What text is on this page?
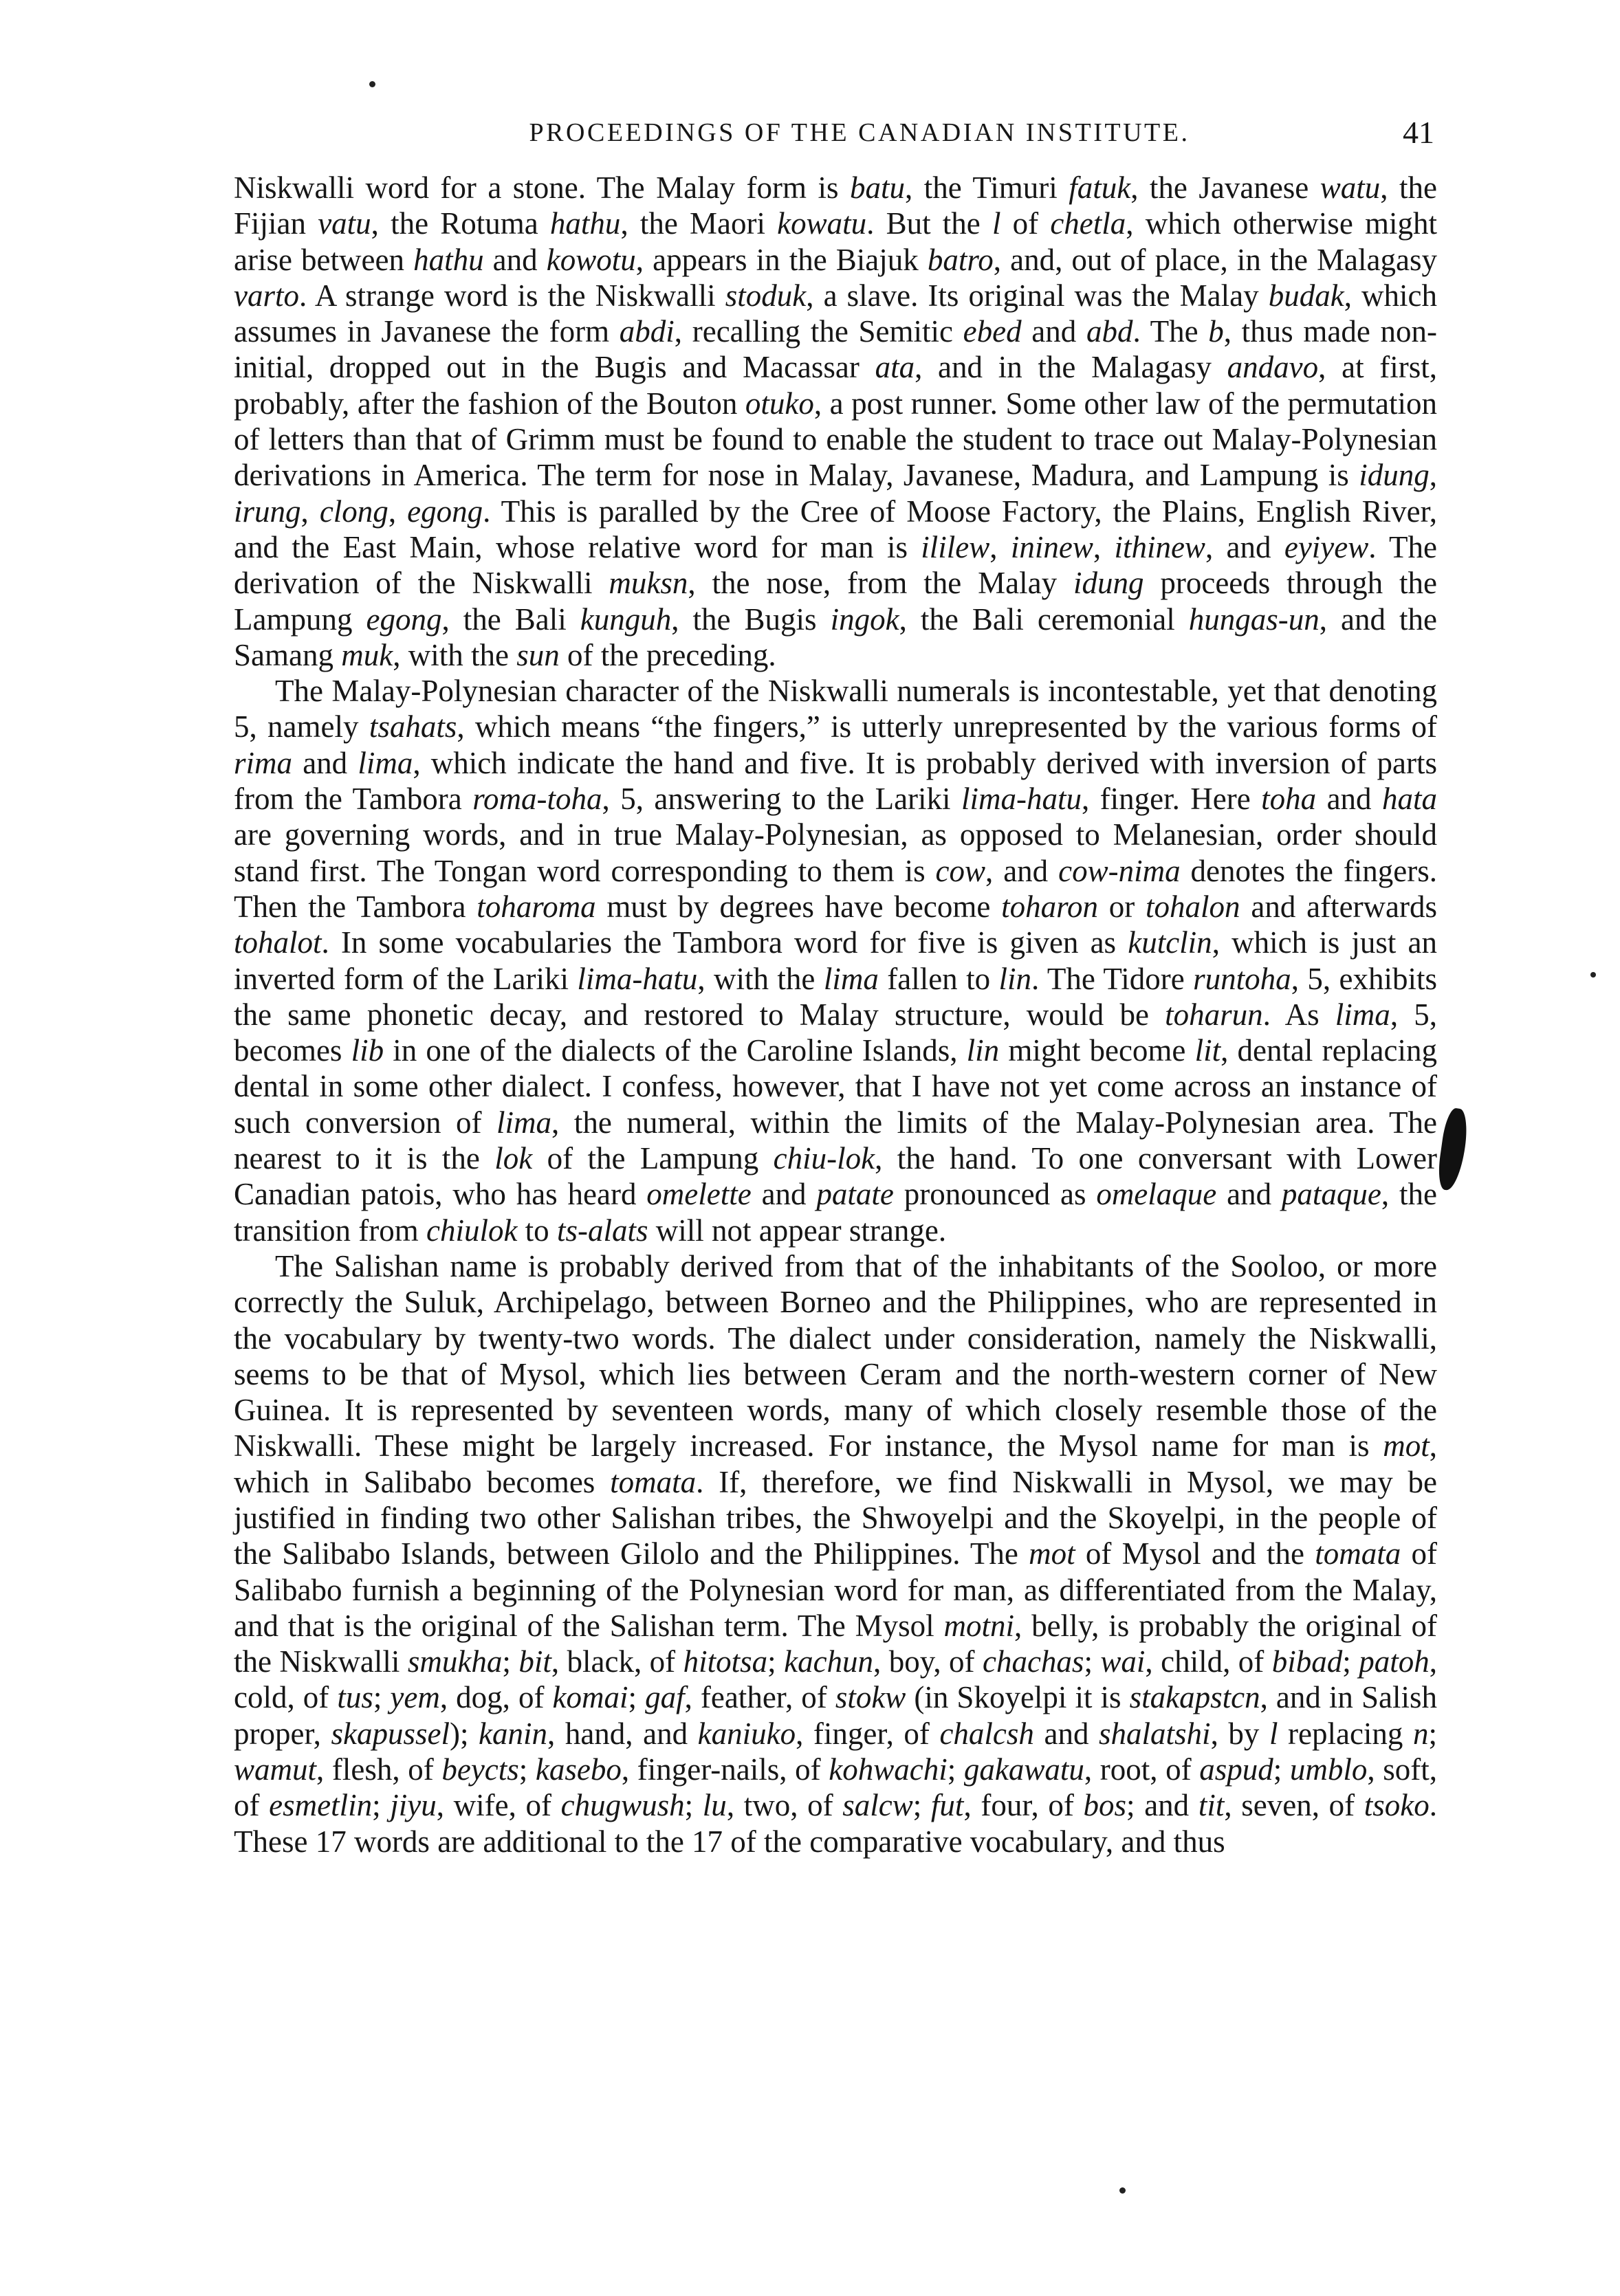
PROCEEDINGS OF THE CANADIAN INSTITUTE.	41

Niskwalli word for a stone. The Malay form is batu, the Timuri fatuk, the Javanese watu, the Fijian vatu, the Rotuma hathu, the Maori kowatu. But the l of chetla, which otherwise might arise between hathu and kowotu, appears in the Biajuk batro, and, out of place, in the Malagasy varto. A strange word is the Niskwalli stoduk, a slave. Its original was the Malay budak, which assumes in Javanese the form abdi, recalling the Semitic ebed and abd. The b, thus made non-initial, dropped out in the Bugis and Macassar ata, and in the Malagasy andavo, at first, probably, after the fashion of the Bouton otuko, a post runner. Some other law of the permutation of letters than that of Grimm must be found to enable the student to trace out Malay-Polynesian derivations in America. The term for nose in Malay, Javanese, Madura, and Lampung is idung, irung, clong, egong. This is paralled by the Cree of Moose Factory, the Plains, English River, and the East Main, whose relative word for man is ililew, ininew, ithinew, and eyiyew. The derivation of the Niskwalli muksn, the nose, from the Malay idung proceeds through the Lampung egong, the Bali kunguh, the Bugis ingok, the Bali ceremonial hungas-un, and the Samang muk, with the sun of the preceding.

The Malay-Polynesian character of the Niskwalli numerals is incontestable, yet that denoting 5, namely tsahats, which means “the fingers,” is utterly unrepresented by the various forms of rima and lima, which indicate the hand and five. It is probably derived with inversion of parts from the Tambora roma-toha, 5, answering to the Lariki lima-hatu, finger. Here toha and hata are governing words, and in true Malay-Polynesian, as opposed to Melanesian, order should stand first. The Tongan word corresponding to them is cow, and cow-nima denotes the fingers. Then the Tambora toharoma must by degrees have become toharon or tohalon and afterwards tohalot. In some vocabularies the Tambora word for five is given as kutclin, which is just an inverted form of the Lariki lima-hatu, with the lima fallen to lin. The Tidore runtoha, 5, exhibits the same phonetic decay, and restored to Malay structure, would be toharun. As lima, 5, becomes lib in one of the dialects of the Caroline Islands, lin might become lit, dental replacing dental in some other dialect. I confess, however, that I have not yet come across an instance of such conversion of lima, the numeral, within the limits of the Malay-Polynesian area. The nearest to it is the lok of the Lampung chiu-lok, the hand. To one conversant with Lower Canadian patois, who has heard omelette and patate pronounced as omelaque and pataque, the transition from chiulok to ts-alats will not appear strange.

The Salishan name is probably derived from that of the inhabitants of the Sooloo, or more correctly the Suluk, Archipelago, between Borneo and the Philippines, who are represented in the vocabulary by twenty-two words. The dialect under consideration, namely the Niskwalli, seems to be that of Mysol, which lies between Ceram and the north-western corner of New Guinea. It is represented by seventeen words, many of which closely resemble those of the Niskwalli. These might be largely increased. For instance, the Mysol name for man is mot, which in Salibabo becomes tomata. If, therefore, we find Niskwalli in Mysol, we may be justified in finding two other Salishan tribes, the Shwoyelpi and the Skoyelpi, in the people of the Salibabo Islands, between Gilolo and the Philippines. The mot of Mysol and the tomata of Salibabo furnish a beginning of the Polynesian word for man, as differentiated from the Malay, and that is the original of the Salishan term. The Mysol motni, belly, is probably the original of the Niskwalli smukha; bit, black, of hitotsa; kachun, boy, of chachas; wai, child, of bibad; patoh, cold, of tus; yem, dog, of komai; gaf, feather, of stokw (in Skoyelpi it is stakapstcn, and in Salish proper, skapussel); kanin, hand, and kaniuko, finger, of chalcsh and shalatshi, by l replacing n; wamut, flesh, of beycts; kasebo, finger-nails, of kohwachi; gakawatu, root, of aspud; umblo, soft, of esmetlin; jiyu, wife, of chugwush; lu, two, of salcw; fut, four, of bos; and tit, seven, of tsoko. These 17 words are additional to the 17 of the comparative vocabulary, and thus
